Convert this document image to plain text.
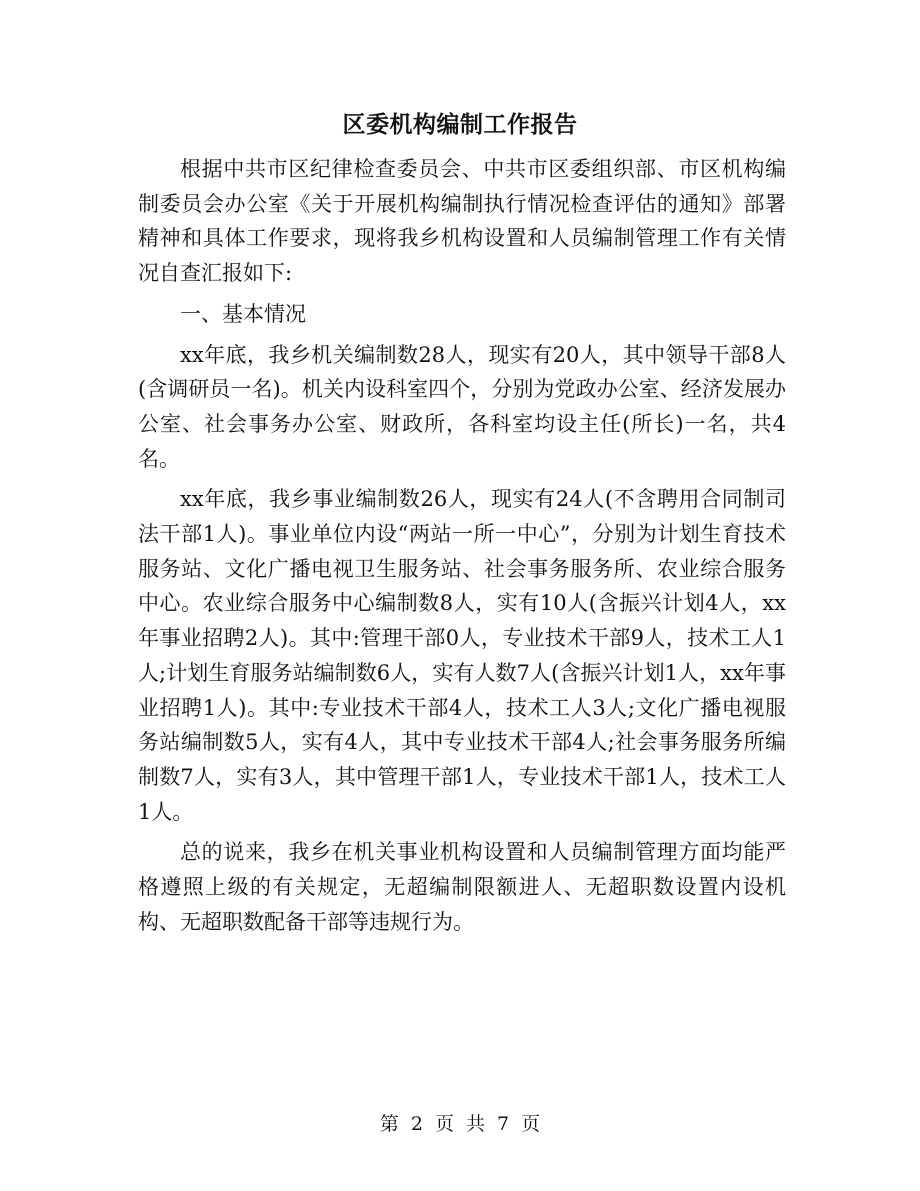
区委机构编制工作报告

根据中共市区纪律检查委员会、中共市区委组织部、市区机构编制委员会办公室《关于开展机构编制执行情况检查评估的通知》部署精神和具体工作要求，现将我乡机构设置和人员编制管理工作有关情况自查汇报如下:

一、基本情况

xx年底，我乡机关编制数28人，现实有20人，其中领导干部8人(含调研员一名)。机关内设科室四个，分别为党政办公室、经济发展办公室、社会事务办公室、财政所，各科室均设主任(所长)一名，共4名。

xx年底，我乡事业编制数26人，现实有24人(不含聘用合同制司法干部1人)。事业单位内设“两站一所一中心”，分别为计划生育技术服务站、文化广播电视卫生服务站、社会事务服务所、农业综合服务中心。农业综合服务中心编制数8人，实有10人(含振兴计划4人，xx年事业招聘2人)。其中:管理干部0人，专业技术干部9人，技术工人1人;计划生育服务站编制数6人，实有人数7人(含振兴计划1人，xx年事业招聘1人)。其中:专业技术干部4人，技术工人3人;文化广播电视服务站编制数5人，实有4人，其中专业技术干部4人;社会事务服务所编制数7人，实有3人，其中管理干部1人，专业技术干部1人，技术工人1人。

总的说来，我乡在机关事业机构设置和人员编制管理方面均能严格遵照上级的有关规定，无超编制限额进人、无超职数设置内设机构、无超职数配备干部等违规行为。

第 2 页 共 7 页
